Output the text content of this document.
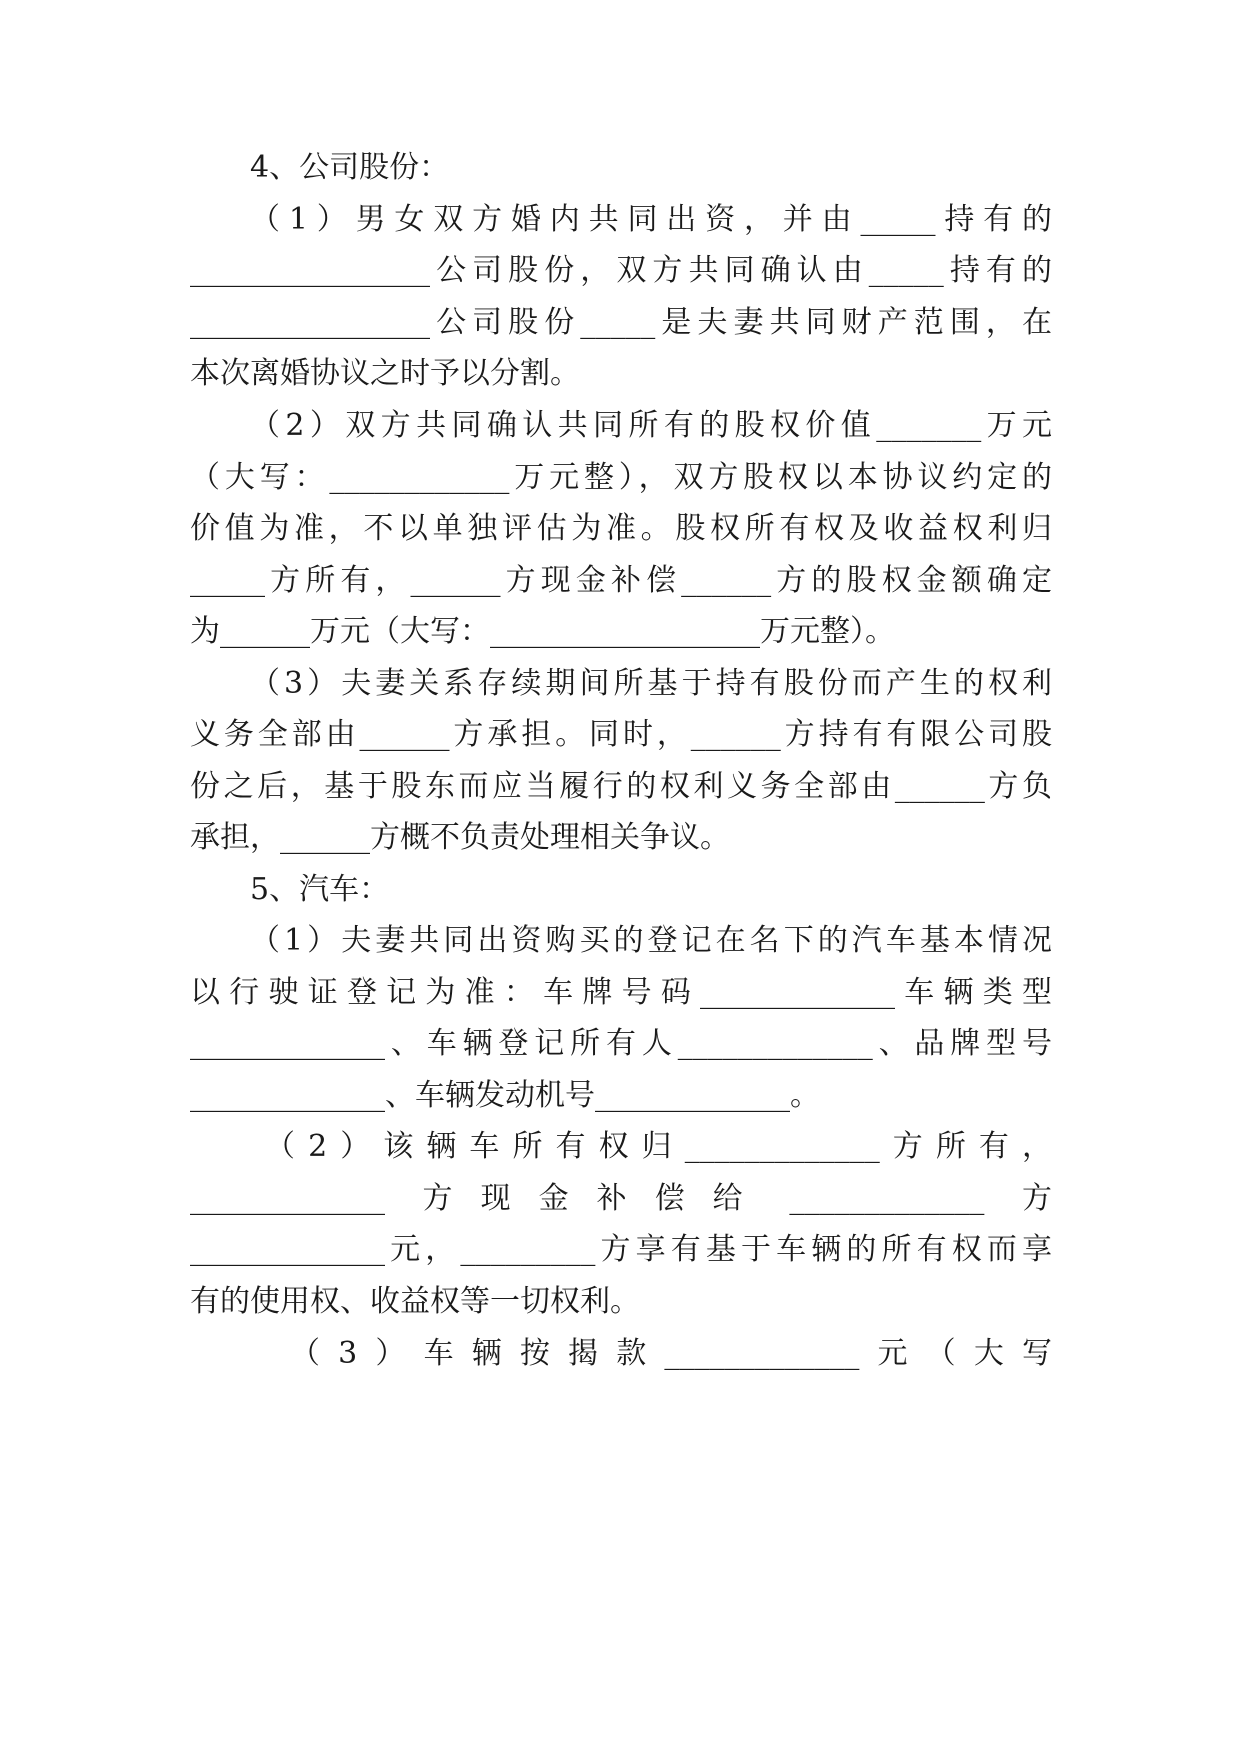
4、公司股份：
（1）男女双方婚内共同出资，并由_____持有的
________________公司股份，双方共同确认由_____持有的
________________公司股份_____是夫妻共同财产范围，在
本次离婚协议之时予以分割。
（2）双方共同确认共同所有的股权价值_______万元
（大写：____________万元整），双方股权以本协议约定的
价值为准，不以单独评估为准。股权所有权及收益权利归
_____方所有，______方现金补偿______方的股权金额确定
为______万元（大写：__________________万元整）。
（3）夫妻关系存续期间所基于持有股份而产生的权利
义务全部由______方承担。同时，______方持有有限公司股
份之后，基于股东而应当履行的权利义务全部由______方负
承担，______方概不负责处理相关争议。
5、汽车：
（1）夫妻共同出资购买的登记在名下的汽车基本情况
以行驶证登记为准：车牌号码_____________车辆类型
_____________、车辆登记所有人_____________、品牌型号
_____________、车辆发动机号_____________。
（2）该辆车所有权归_____________方所有，
_____________  方 现 金 补 偿 给  _____________  方
_____________元，_________方享有基于车辆的所有权而享
有的使用权、收益权等一切权利。
（3）车辆按揭款_____________元（大写
